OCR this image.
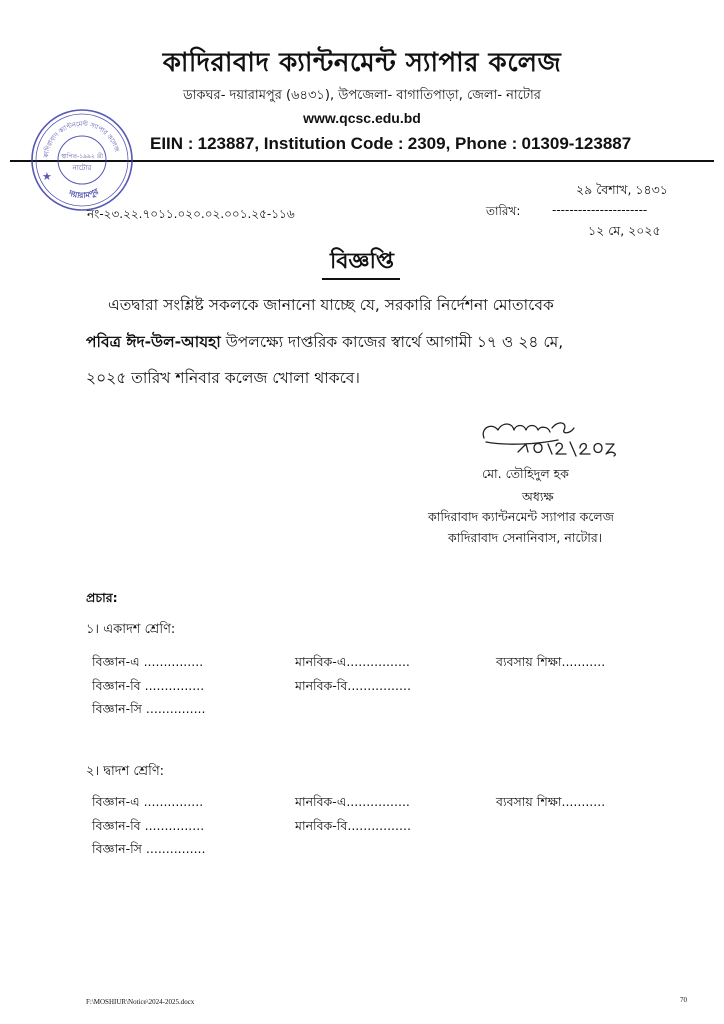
কাদিরাবাদ ক্যান্টনমেন্ট স্যাপার কলেজ
ডাকঘর- দয়ারামপুর (৬৪৩১), উপজেলা- বাগাতিপাড়া, জেলা- নাটোর
www.qcsc.edu.bd
EIIN : 123887, Institution Code : 2309, Phone : 01309-123887
কাদিরাবাদ ক্যান্টনমেন্ট স্যাপার কলেজ
দয়ারামপুর
স্থাপিত-১৯৯২ খ্রী
নাটোর
★
নং-২৩.২২.৭০১১.০২০.০২.০০১.২৫-১১৬
২৯ বৈশাখ, ১৪৩১
তারিখ:	----------------------
১২ মে, ২০২৫
বিজ্ঞপ্তি
এতদ্বারা সংশ্লিষ্ট সকলকে জানানো যাচ্ছে যে, সরকারি নির্দেশনা মোতাবেক
পবিত্র ঈদ-উল-আযহা উপলক্ষ্যে দাপ্তরিক কাজের স্বার্থে আগামী ১৭ ও ২৪ মে,
২০২৫ তারিখ শনিবার কলেজ খোলা থাকবে।
মো. তৌহিদুল হক
অধ্যক্ষ
কাদিরাবাদ ক্যান্টনমেন্ট স্যাপার কলেজ
কাদিরাবাদ সেনানিবাস, নাটোর।
প্রচার:
১। একাদশ শ্রেণি:
বিজ্ঞান-এ ...............
বিজ্ঞান-বি ...............
বিজ্ঞান-সি ...............
মানবিক-এ................
মানবিক-বি................
ব্যবসায় শিক্ষা...........
২। দ্বাদশ শ্রেণি:
বিজ্ঞান-এ ...............
বিজ্ঞান-বি ...............
বিজ্ঞান-সি ...............
মানবিক-এ................
মানবিক-বি................
ব্যবসায় শিক্ষা...........
F:\MOSHIUR\Notice\2024-2025.docx	70
